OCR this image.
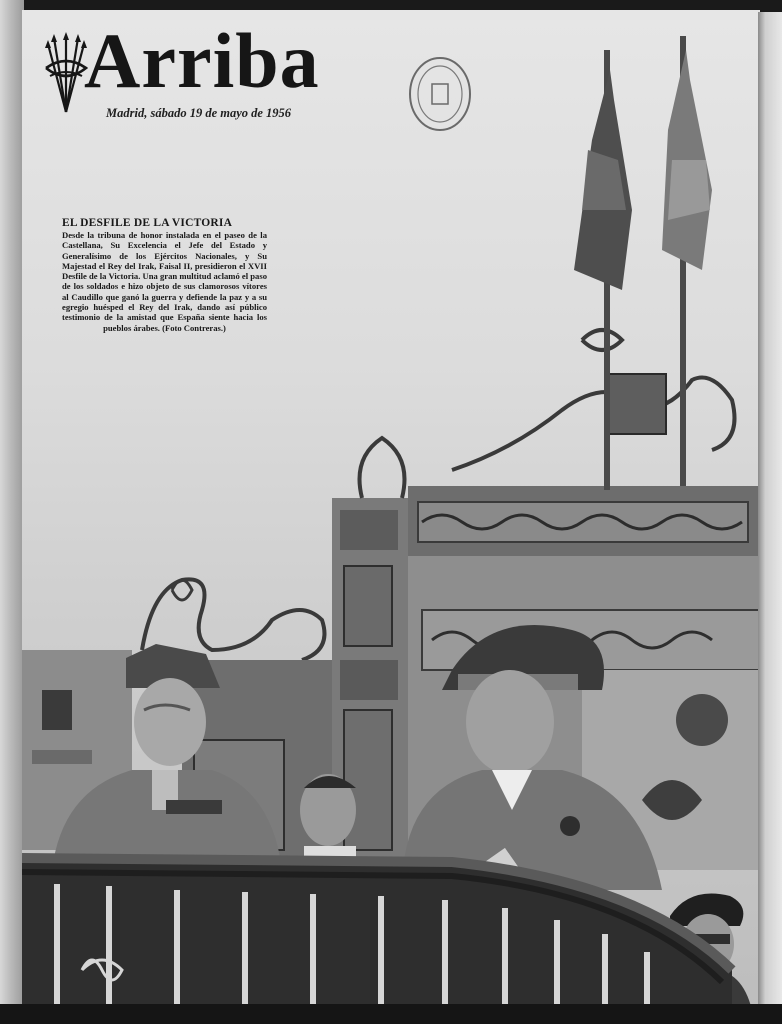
Arriba
Madrid, sábado 19 de mayo de 1956
EL DESFILE DE LA VICTORIA
Desde la tribuna de honor instalada en el paseo de la Castellana, Su Excelencia el Jefe del Estado y Generalísimo de los Ejércitos Nacionales, y Su Majestad el Rey del Irak, Faisal II, presidieron el XVII Desfile de la Victoria. Una gran multitud aclamó el paso de los soldados e hizo objeto de sus clamorosos vítores al Caudillo que ganó la guerra y defiende la paz y a su egregio huésped el Rey del Irak, dando así público testimonio de la amistad que España siente hacia los pueblos árabes. (Foto Contreras.)
